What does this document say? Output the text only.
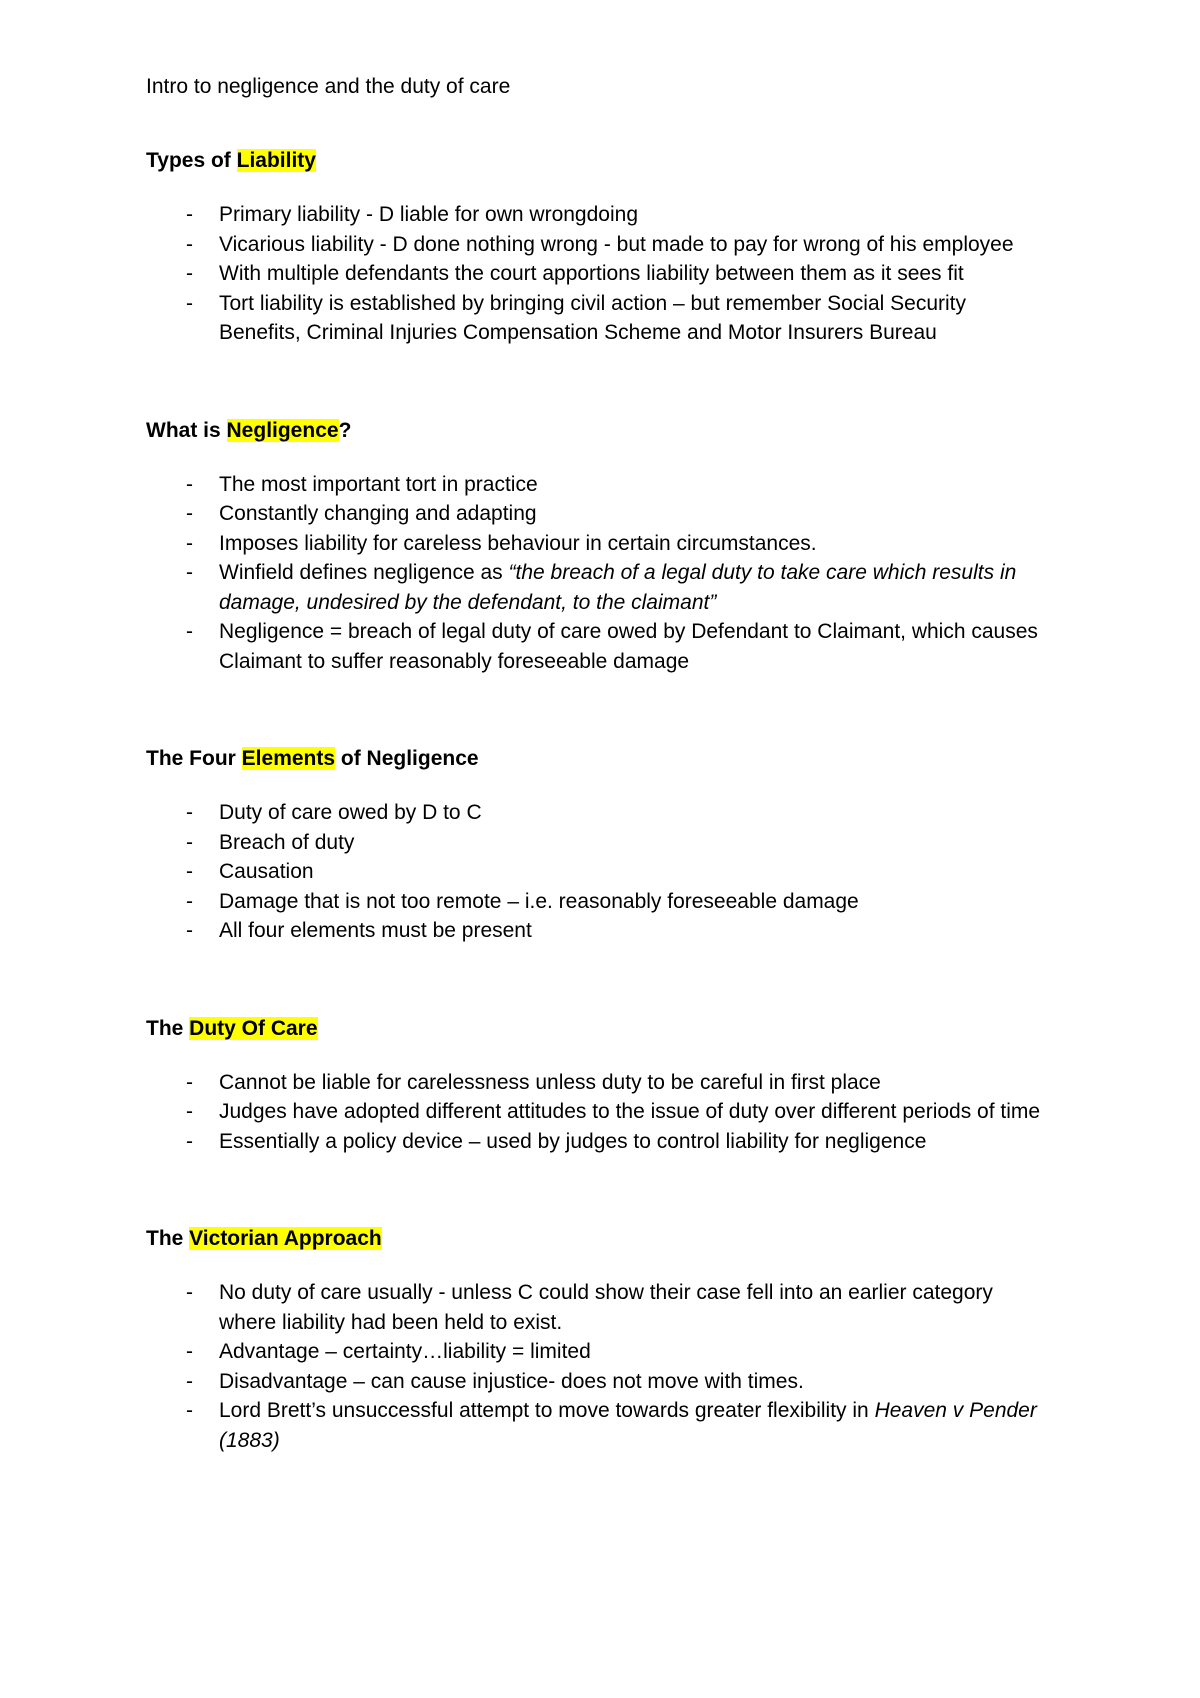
Intro to negligence and the duty of care
Types of Liability
- Primary liability - D liable for own wrongdoing
- Vicarious liability - D done nothing wrong - but made to pay for wrong of his employee
- With multiple defendants the court apportions liability between them as it sees fit
- Tort liability is established by bringing civil action – but remember Social Security Benefits, Criminal Injuries Compensation Scheme and Motor Insurers Bureau
What is Negligence?
- The most important tort in practice
- Constantly changing and adapting
- Imposes liability for careless behaviour in certain circumstances.
- Winfield defines negligence as “the breach of a legal duty to take care which results in damage, undesired by the defendant, to the claimant”
- Negligence = breach of legal duty of care owed by Defendant to Claimant, which causes Claimant to suffer reasonably foreseeable damage
The Four Elements of Negligence
- Duty of care owed by D to C
- Breach of duty
- Causation
- Damage that is not too remote – i.e. reasonably foreseeable damage
- All four elements must be present
The Duty Of Care
- Cannot be liable for carelessness unless duty to be careful in first place
- Judges have adopted different attitudes to the issue of duty over different periods of time
- Essentially a policy device – used by judges to control liability for negligence
The Victorian Approach
- No duty of care usually - unless C could show their case fell into an earlier category where liability had been held to exist.
- Advantage – certainty…liability = limited
- Disadvantage – can cause injustice- does not move with times.
- Lord Brett’s unsuccessful attempt to move towards greater flexibility in Heaven v Pender (1883)
